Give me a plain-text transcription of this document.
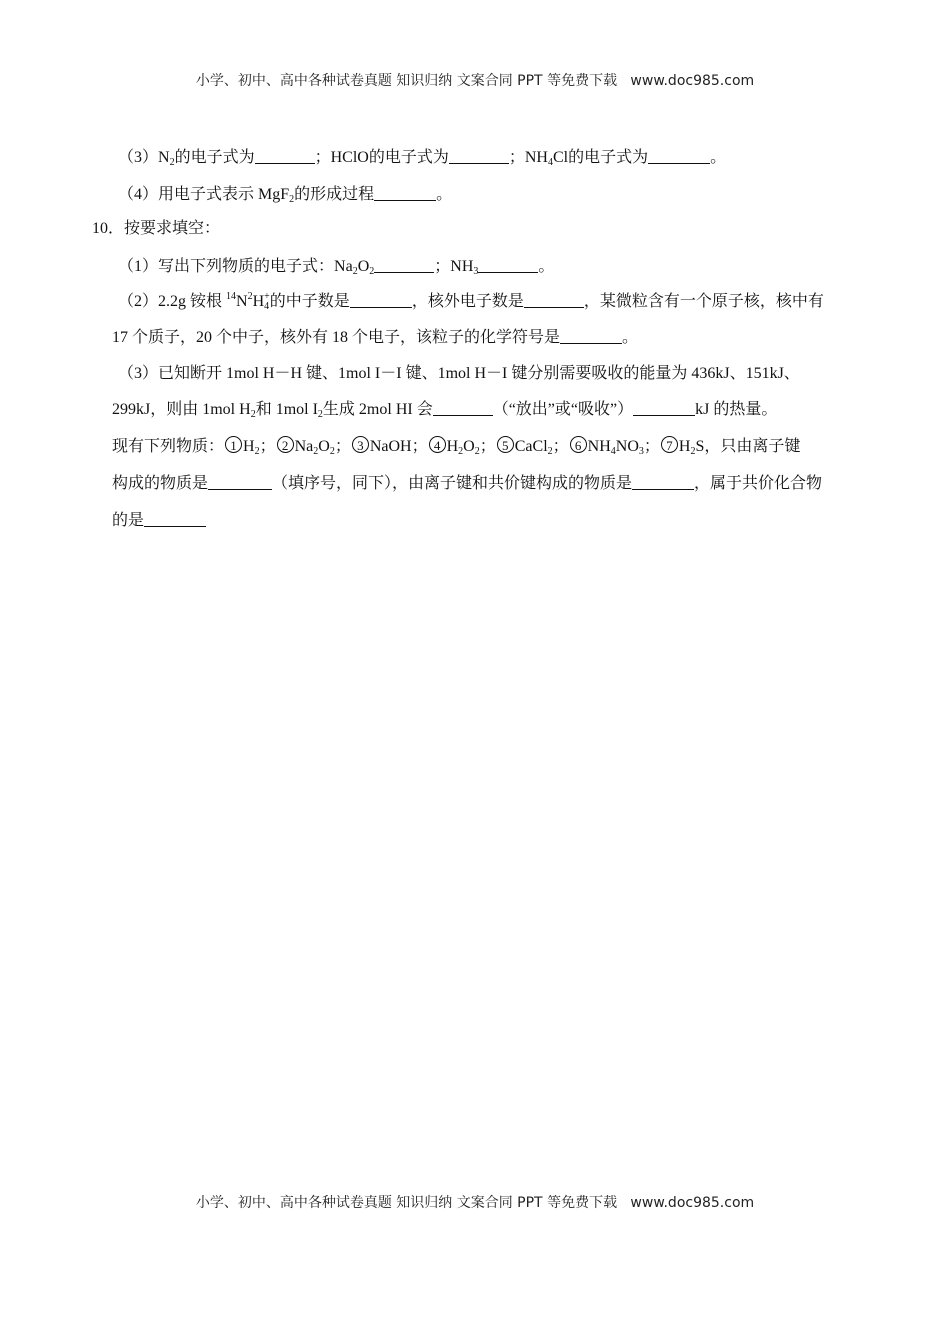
小学、初中、高中各种试卷真题 知识归纳 文案合同 PPT 等免费下载   www.doc985.com
$(3)N_2$的电子式为	；HClO的电子式为	；$NH_4Cl$的电子式为	。
（4）用电子式表示 MgF$_2$的形成过程	。
10．按要求填空：
（1）写出下列物质的电子式：$Na_2O_2$	；$NH_3$	。
（2）2.2g 铵根 $^{14}N^2H_4^+$的中子数是	，核外电子数是	，某微粒含有一个原子核，核中有
17 个质子，20 个中子，核外有 18 个电子，该粒子的化学符号是	。
（3）已知断开 1mol H－H 键、1mol I－I 键、1mol H－I 键分别需要吸收的能量为 436kJ、151kJ、
299kJ，则由 1mol $H_2$和 1mol $I_2$生成 2mol HI 会	（“放出”或“吸收”）	kJ 的热量。
现有下列物质： 1 $H_2$； 2 $Na_2O_2$； 3 NaOH； 4 $H_2O_2$； 5 CaCl$_2$； 6 $NH_4NO_3$； 7 $H_2S$，只由离子键
构成的物质是	（填序号，同下），由离子键和共价键构成的物质是	，属于共价化合物
的是
小学、初中、高中各种试卷真题 知识归纳 文案合同 PPT 等免费下载   www.doc985.com
